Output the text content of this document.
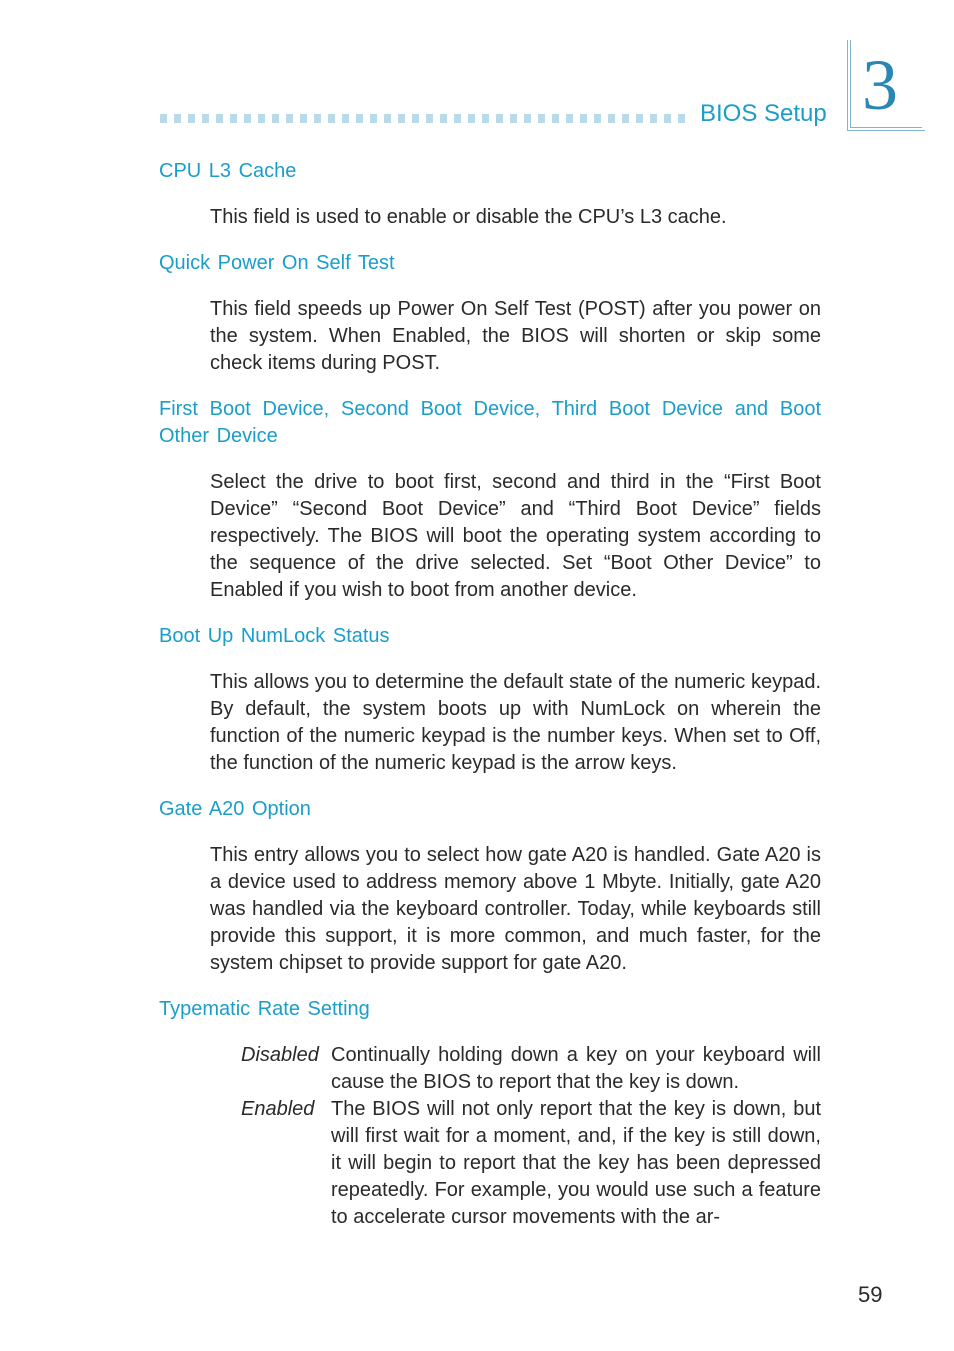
BIOS Setup 3
CPU L3 Cache

This field is used to enable or disable the CPU’s L3 cache.

Quick Power On Self Test

This field speeds up Power On Self Test (POST) after you power on the system. When Enabled, the BIOS will shorten or skip some check items during POST.

First Boot Device, Second Boot Device, Third Boot Device and Boot Other Device

Select the drive to boot first, second and third in the “First Boot Device” “Second Boot Device” and “Third Boot Device” fields respectively. The BIOS will boot the operating system according to the sequence of the drive selected. Set “Boot Other Device” to Enabled if you wish to boot from another device.

Boot Up NumLock Status

This allows you to determine the default state of the numeric keypad. By default, the system boots up with NumLock on wherein the function of the numeric keypad is the number keys. When set to Off, the function of the numeric keypad is the arrow keys.

Gate A20 Option

This entry allows you to select how gate A20 is handled. Gate A20 is a device used to address memory above 1 Mbyte. Initially, gate A20 was handled via the keyboard controller. Today, while keyboards still provide this support, it is more common, and much faster, for the system chipset to provide support for gate A20.

Typematic Rate Setting
Disabled Continually holding down a key on your keyboard will cause the BIOS to report that the key is down.
Enabled The BIOS will not only report that the key is down, but will first wait for a moment, and, if the key is still down, it will begin to report that the key has been depressed repeatedly. For example, you would use such a feature to accelerate cursor movements with the ar-
59
